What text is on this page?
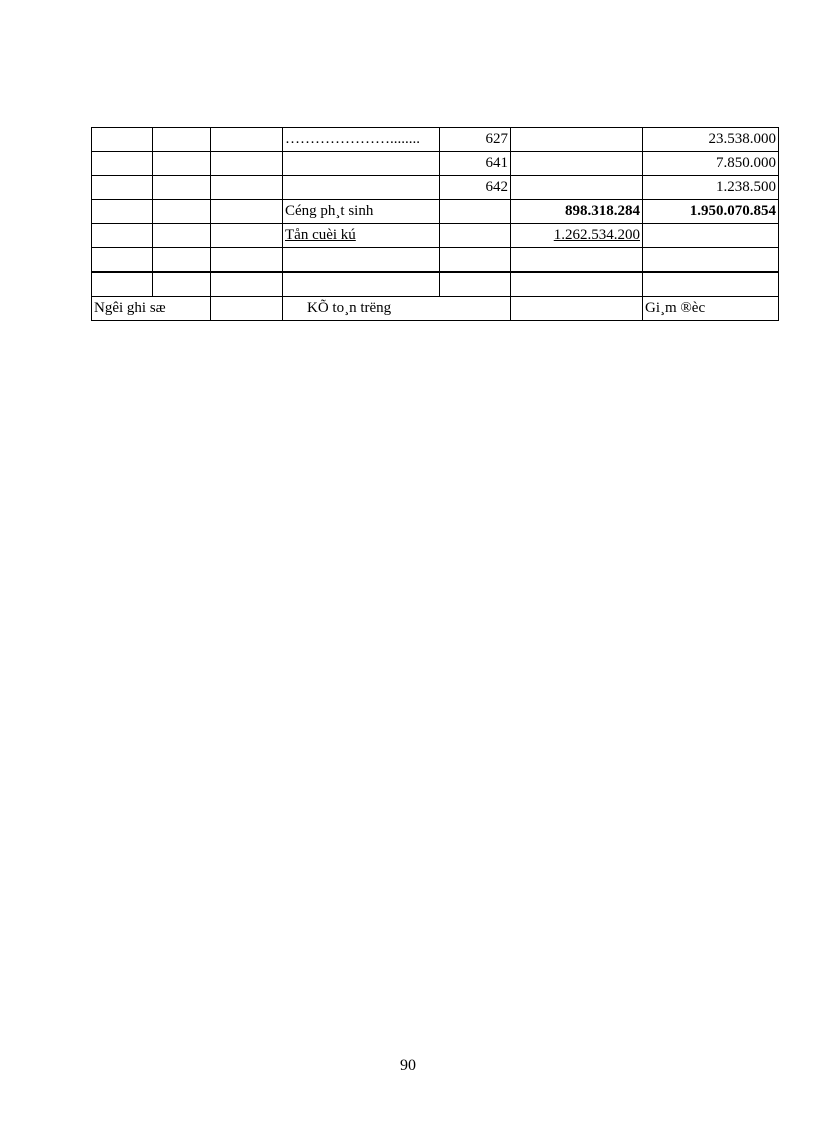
			…………………........	627		23.538.000
				641		7.850.000
				642		1.238.500
			Céng ph¸t sinh		898.318.284	1.950.070.854
			Tån cuèi kú		1.262.534.200	

Ngêi ghi sæ			KÕ to¸n trëng			Gi¸m ®èc
90
